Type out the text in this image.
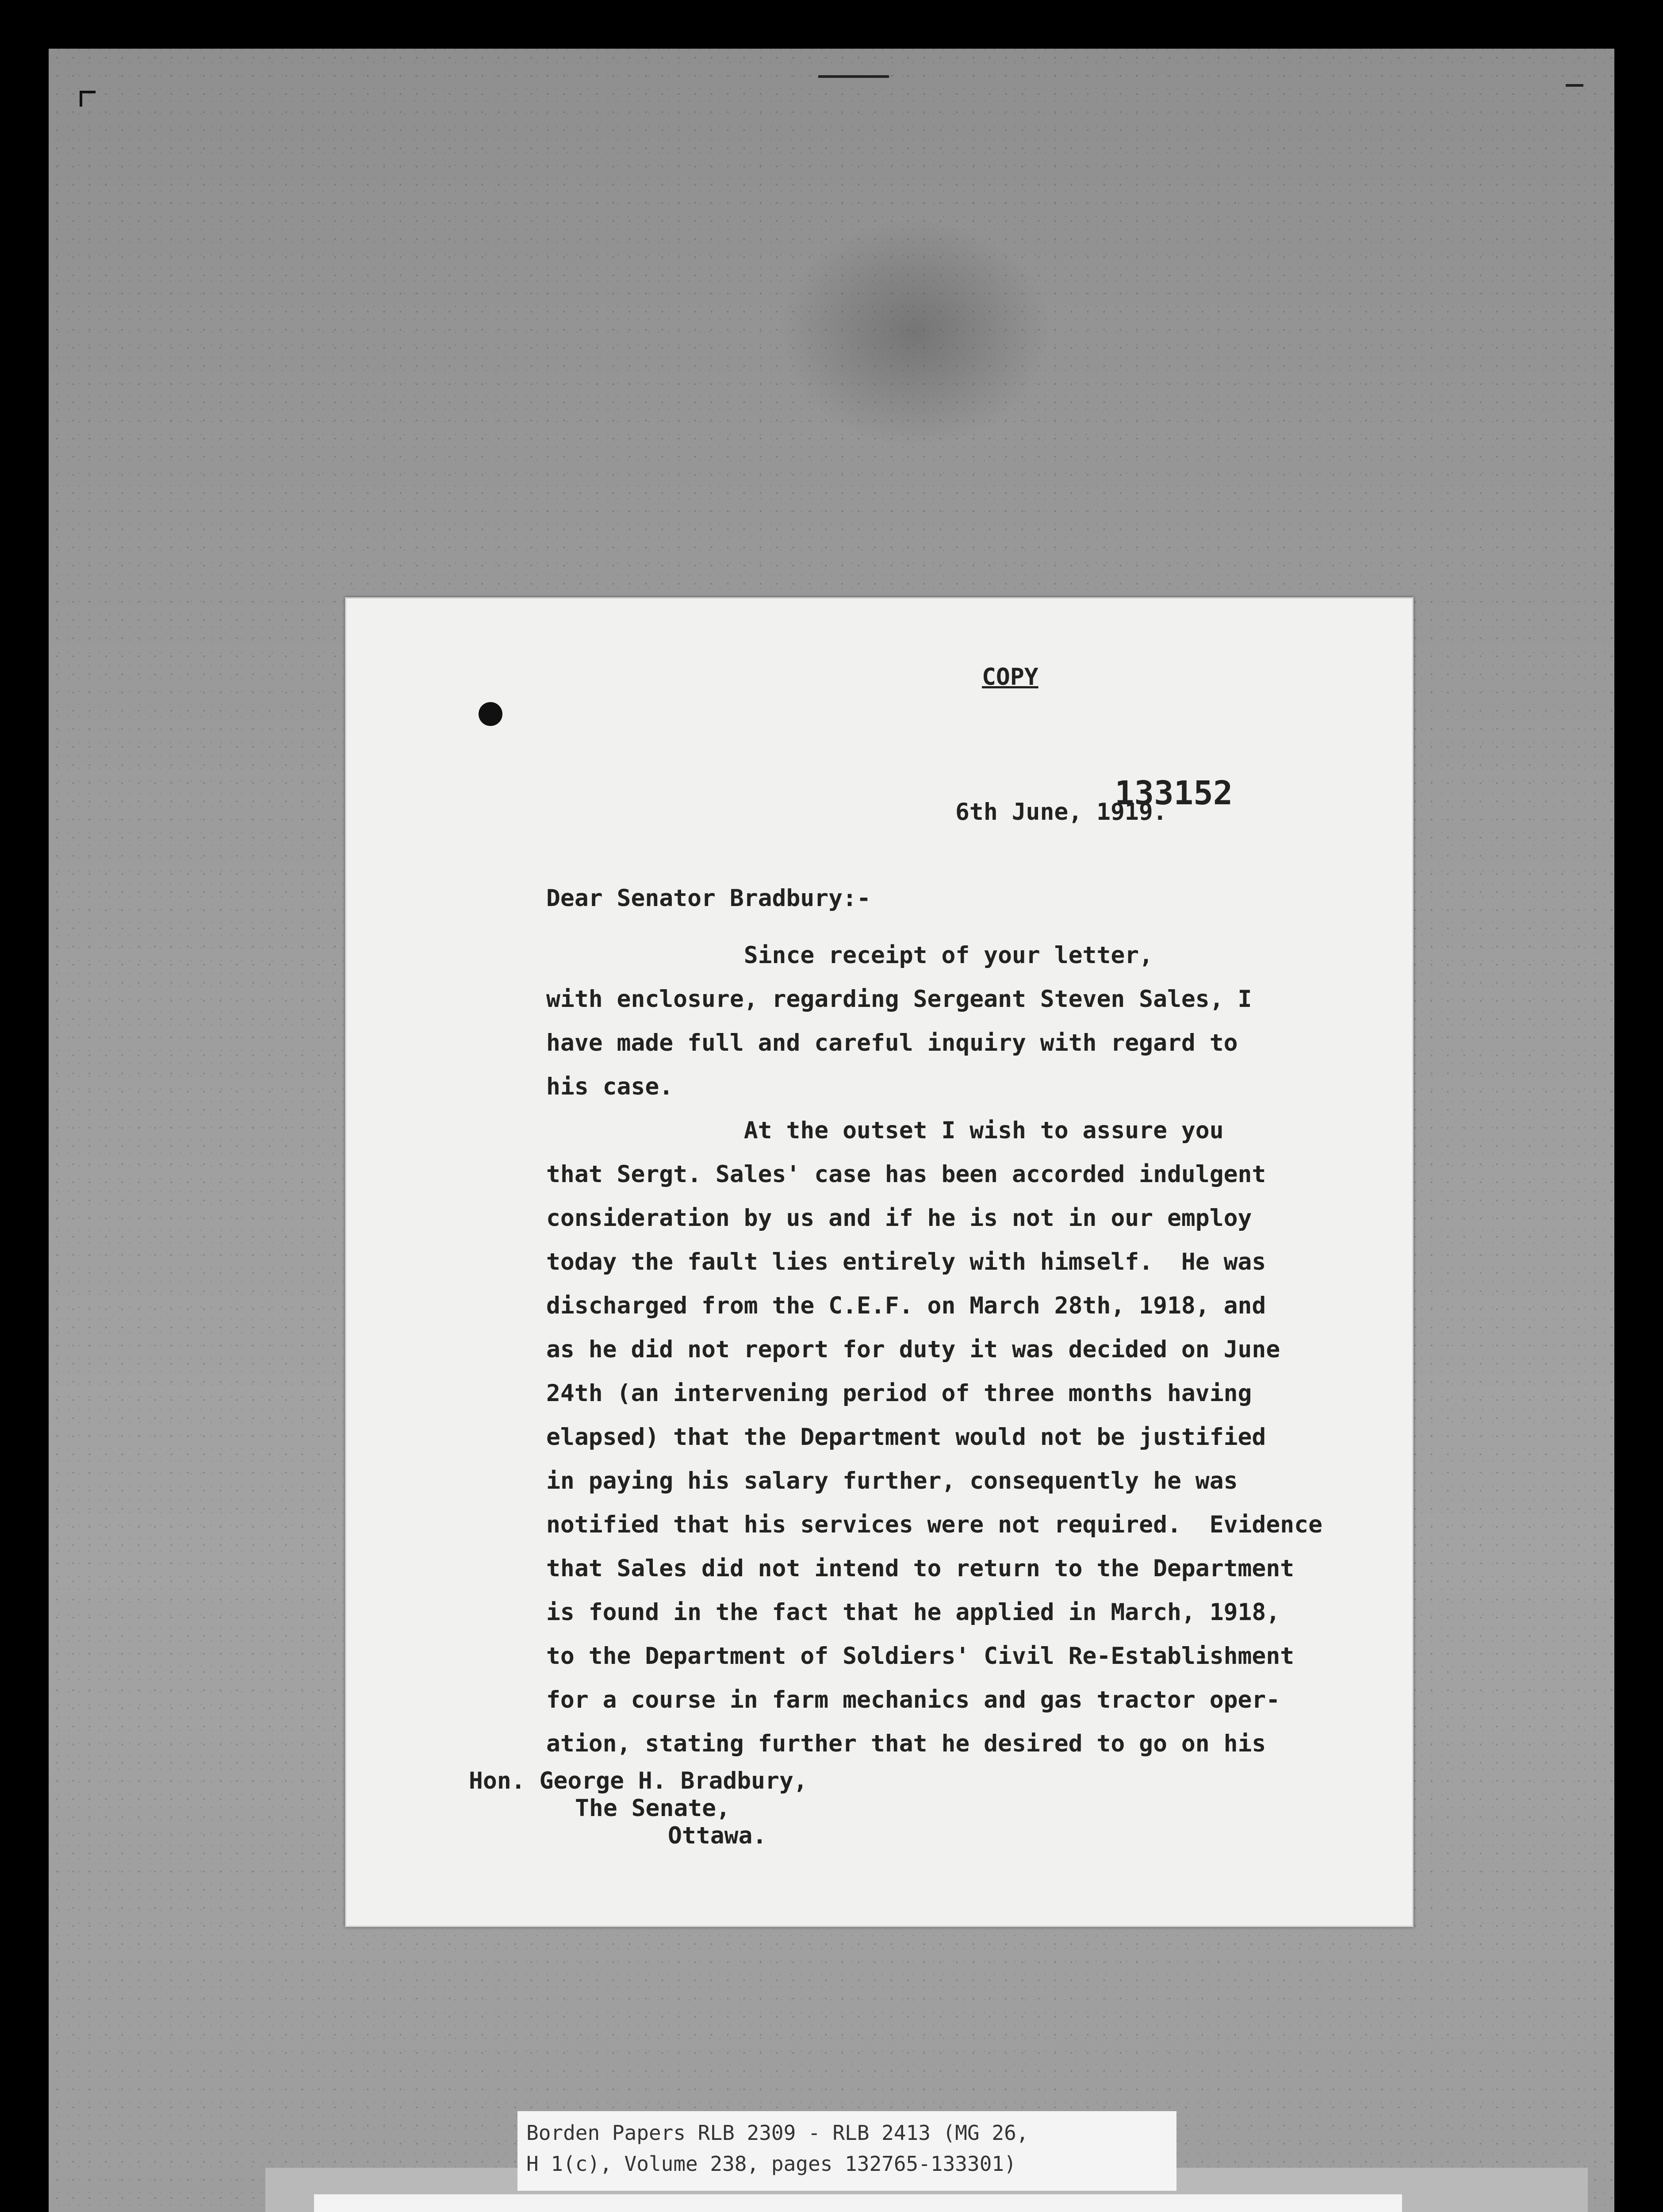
COPY
6th June, 1919.
133152
Dear Senator Bradbury:-
Since receipt of your letter,
with enclosure, regarding Sergeant Steven Sales, I
have made full and careful inquiry with regard to
his case.
At the outset I wish to assure you
that Sergt. Sales' case has been accorded indulgent
consideration by us and if he is not in our employ
today the fault lies entirely with himself.  He was
discharged from the C.E.F. on March 28th, 1918, and
as he did not report for duty it was decided on June
24th (an intervening period of three months having
elapsed) that the Department would not be justified
in paying his salary further, consequently he was
notified that his services were not required.  Evidence
that Sales did not intend to return to the Department
is found in the fact that he applied in March, 1918,
to the Department of Soldiers' Civil Re-Establishment
for a course in farm mechanics and gas tractor oper-
ation, stating further that he desired to go on his
Hon. George H. Bradbury,
The Senate,
Ottawa.
Borden Papers RLB 2309 - RLB 2413 (MG 26,
H 1(c), Volume 238, pages 132765-133301)
